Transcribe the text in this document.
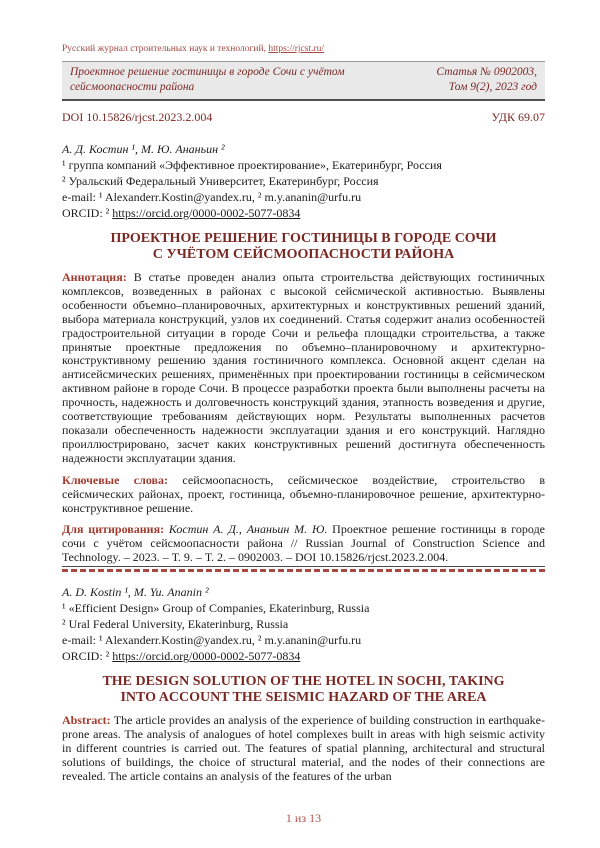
Русский журнал строительных наук и технологий, https://rjcst.ru/
Проектное решение гостиницы в городе Сочи с учётом сейсмоопасности района
Статья № 0902003,
Том 9(2), 2023 год
DOI 10.15826/rjcst.2023.2.004	УДК 69.07
А. Д. Костин ¹, М. Ю. Ананьин ²
¹ группа компаний «Эффективное проектирование», Екатеринбург, Россия
² Уральский Федеральный Университет, Екатеринбург, Россия
e-mail: ¹ Alexanderr.Kostin@yandex.ru, ² m.y.ananin@urfu.ru
ORCID: ² https://orcid.org/0000-0002-5077-0834
ПРОЕКТНОЕ РЕШЕНИЕ ГОСТИНИЦЫ В ГОРОДЕ СОЧИ
С УЧЁТОМ СЕЙСМООПАСНОСТИ РАЙОНА

Аннотация: В статье проведен анализ опыта строительства действующих гостиничных комплексов, возведенных в районах с высокой сейсмической активностью. Выявлены особенности объемно–планировочных, архитектурных и конструктивных решений зданий, выбора материала конструкций, узлов их соединений. Статья содержит анализ особенностей градостроительной ситуации в городе Сочи и рельефа площадки строительства, а также принятые проектные предложения по объемно–планировочному и архитектурно-конструктивному решению здания гостиничного комплекса. Основной акцент сделан на антисейсмических решениях, применённых при проектировании гостиницы в сейсмическом активном районе в городе Сочи. В процессе разработки проекта были выполнены расчеты на прочность, надежность и долговечность конструкций здания, этапность возведения и другие, соответствующие требованиям действующих норм. Результаты выполненных расчетов показали обеспеченность надежности эксплуатации здания и его конструкций. Наглядно проиллюстрировано, засчет каких конструктивных решений достигнута обеспеченность надежности эксплуатации здания.

Ключевые слова: сейсмоопасность, сейсмическое воздействие, строительство в сейсмических районах, проект, гостиница, объемно-планировочное решение, архитектурно-конструктивное решение.

Для цитирования: Костин А. Д., Ананьин М. Ю. Проектное решение гостиницы в городе сочи с учётом сейсмоопасности района // Russian Journal of Construction Science and Technology. – 2023. – Т. 9. – Т. 2. – 0902003. – DOI 10.15826/rjcst.2023.2.004.

A. D. Kostin ¹, M. Yu. Ananin ²
¹ «Efficient Design» Group of Companies, Ekaterinburg, Russia
² Ural Federal University, Ekaterinburg, Russia
e-mail: ¹ Alexanderr.Kostin@yandex.ru, ² m.y.ananin@urfu.ru
ORCID: ² https://orcid.org/0000-0002-5077-0834
THE DESIGN SOLUTION OF THE HOTEL IN SOCHI, TAKING
INTO ACCOUNT THE SEISMIC HAZARD OF THE AREA

Abstract: The article provides an analysis of the experience of building construction in earthquake-prone areas. The analysis of analogues of hotel complexes built in areas with high seismic activity in different countries is carried out. The features of spatial planning, architectural and structural solutions of buildings, the choice of structural material, and the nodes of their connections are revealed. The article contains an analysis of the features of the urban

1 из 13
